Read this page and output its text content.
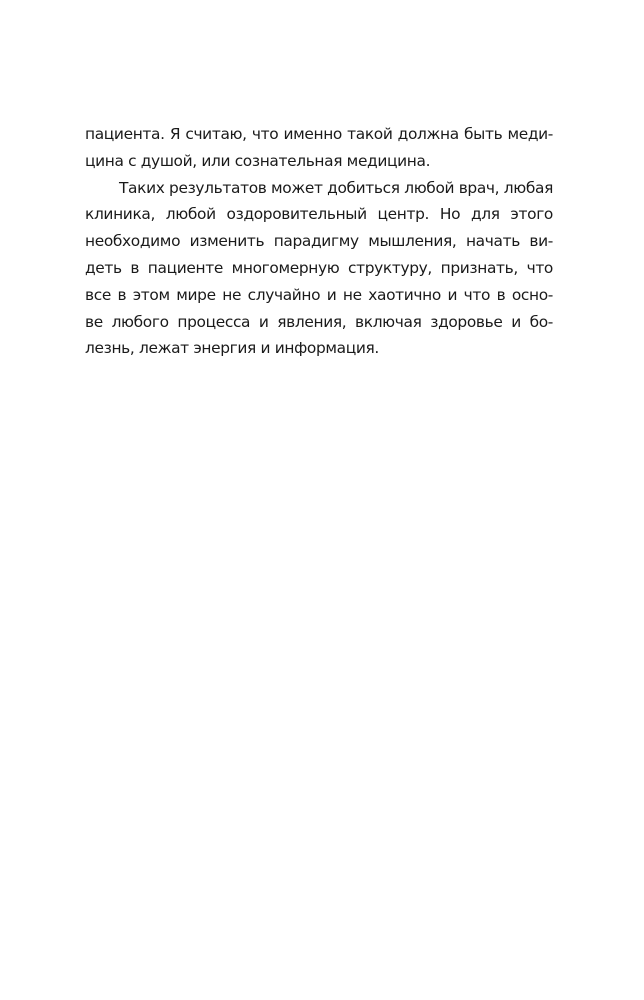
пациента. Я считаю, что именно такой должна быть меди-
цина с душой, или сознательная медицина.
Таких результатов может добиться любой врач, любая
клиника, любой оздоровительный центр. Но для этого
необходимо изменить парадигму мышления, начать ви-
деть в пациенте многомерную структуру, признать, что
все в этом мире не случайно и не хаотично и что в осно-
ве любого процесса и явления, включая здоровье и бо-
лезнь, лежат энергия и информация.
